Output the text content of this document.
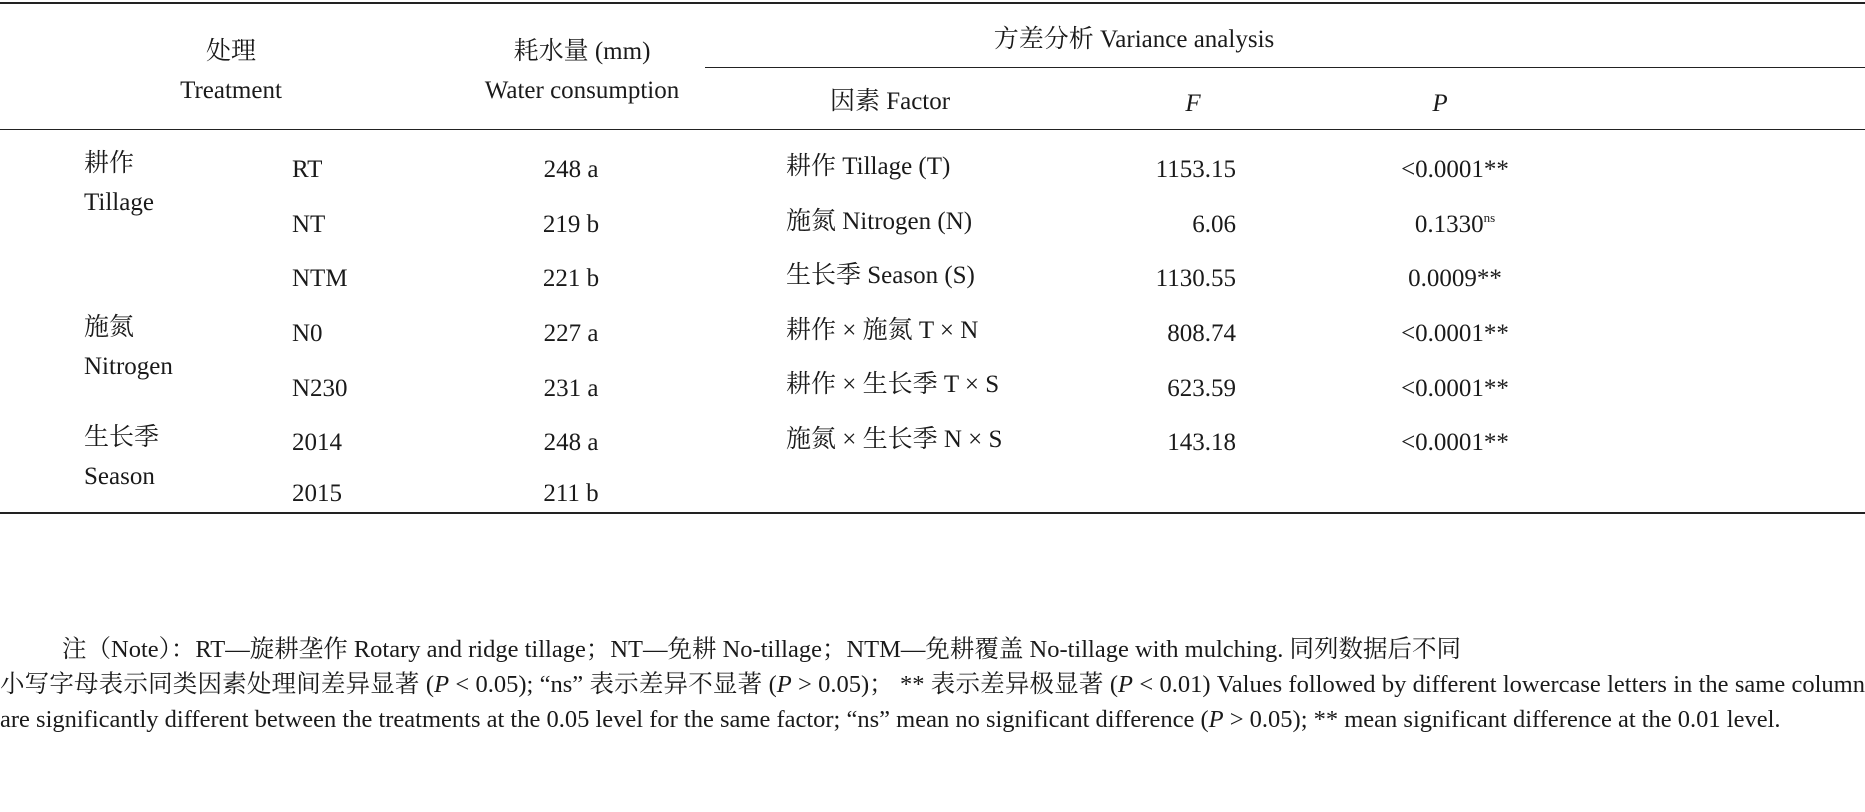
处理
Treatment
耗水量 (mm)
Water consumption
方差分析 Variance analysis
因素 Factor	F	P
耕作
Tillage
施氮
Nitrogen
生长季
Season
RT
NT
NTM
N0
N230
2014
2015
248 a
219 b
221 b
227 a
231 a
248 a
211 b
耕作 Tillage (T)
施氮 Nitrogen (N)
生长季 Season (S)
耕作 × 施氮 T × N
耕作 × 生长季 T × S
施氮 × 生长季 N × S
1153.15
6.06
1130.55
808.74
623.59
143.18
<0.0001**
$0.1330^{ns}$
0.0009**
<0.0001**
<0.0001**
<0.0001**

注（Note）：RT—旋耕垄作 Rotary and ridge tillage；NT—免耕 No-tillage；NTM—免耕覆盖 No-tillage with mulching. 同列数据后不同

小写字母表示同类因素处理间差异显著 (P < 0.05); “ns” 表示差异不显著 (P > 0.05)； ** 表示差异极显著 (P < 0.01) Values followed by different lowercase letters in the same column are significantly different between the treatments at the 0.05 level for the same factor; “ns” mean no significant difference (P > 0.05); ** mean significant difference at the 0.01 level.
